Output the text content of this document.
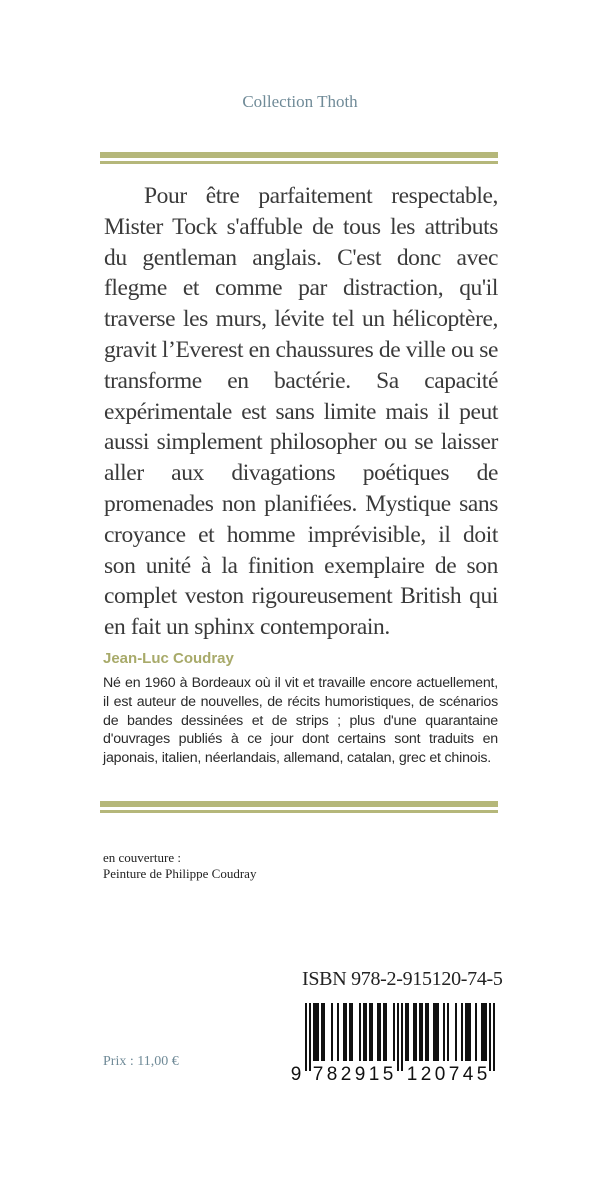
Collection Thoth

Pour être parfaitement respectable, Mister Tock s'affuble de tous les attributs du gentleman anglais. C'est donc avec flegme et comme par distraction, qu'il traverse les murs, lévite tel un hélicoptère, gravit l’Everest en chaussures de ville ou se transforme en bactérie. Sa capacité expérimentale est sans limite mais il peut aussi simplement philosopher ou se laisser aller aux divagations poétiques de promenades non planifiées. Mystique sans croyance et homme imprévisible, il doit son unité à la finition exemplaire de son complet veston rigoureusement British qui en fait un sphinx contemporain.

Jean-Luc Coudray

Né en 1960 à Bordeaux où il vit et travaille encore actuellement, il est auteur de nouvelles, de récits humoristiques, de scénarios de bandes dessinées et de strips ; plus d'une quarantaine d'ouvrages publiés à ce jour dont certains sont traduits en japonais, italien, néerlandais, allemand, catalan, grec et chinois.

en couverture :
Peinture de Philippe Coudray
Prix : 11,00 €
ISBN 978-2-915120-74-5
9 7 8 2 9 1 5 1 2 0 7 4 5
